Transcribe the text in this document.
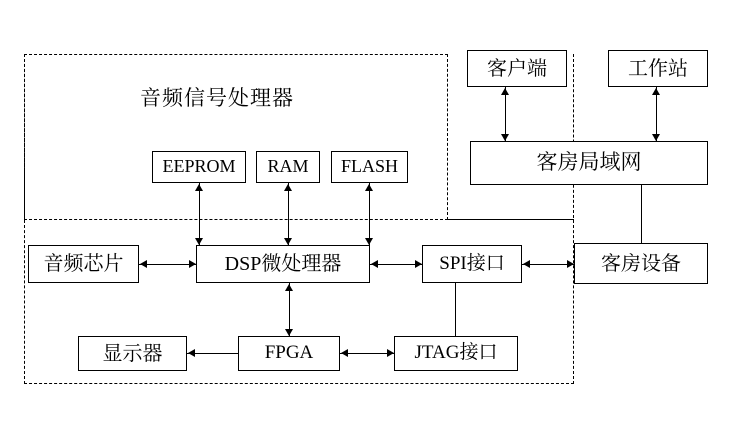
音频信号处理器
EEPROM	RAM	FLASH
音频芯片	DSP微处理器	SPI接口	客房设备
显示器	FPGA	JTAG接口
客户端	工作站
客房局域网
